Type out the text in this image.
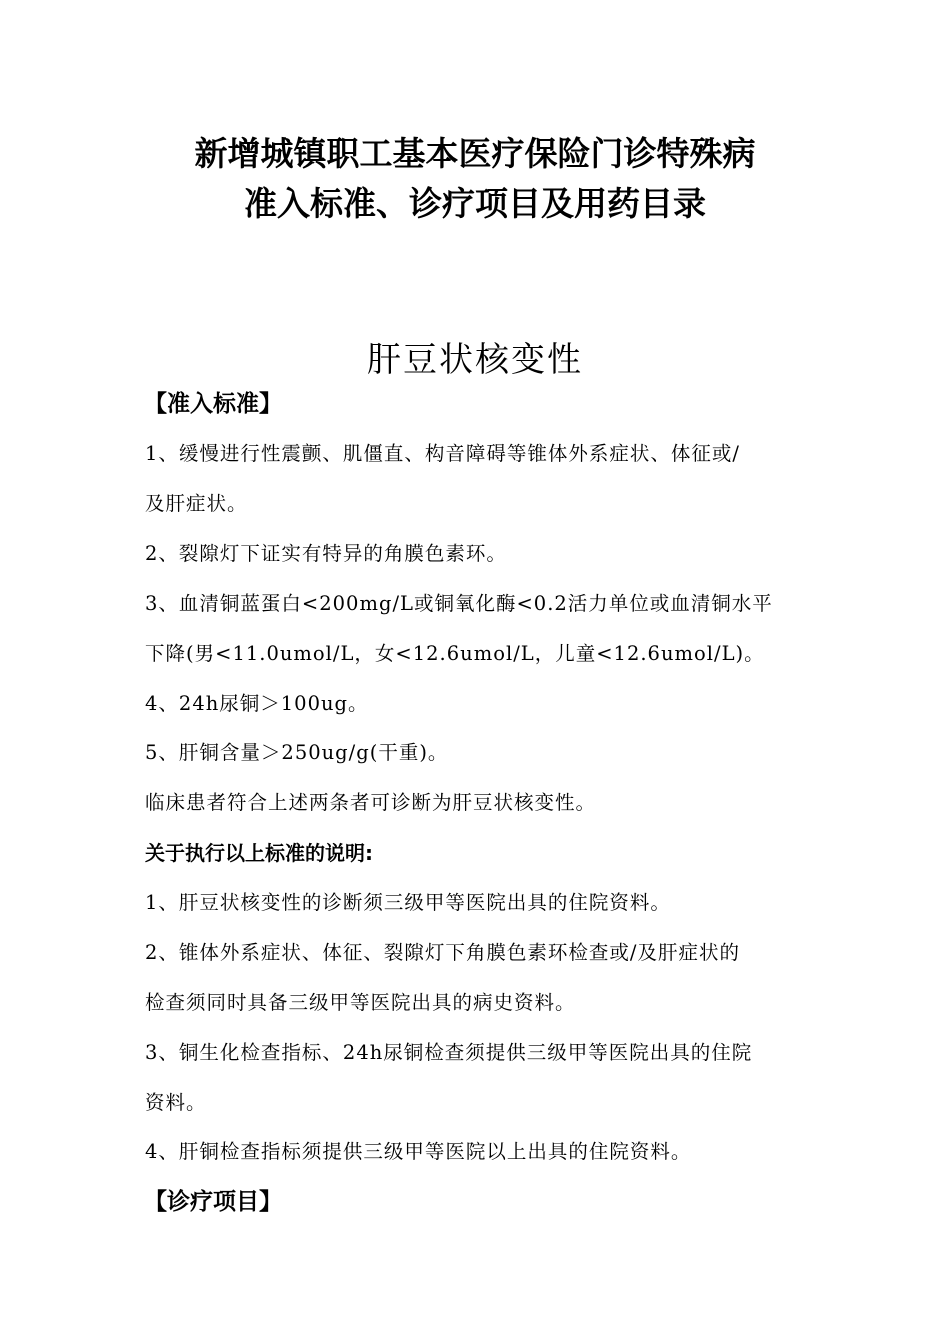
新增城镇职工基本医疗保险门诊特殊病
准入标准、诊疗项目及用药目录
肝豆状核变性
【准入标准】

1、缓慢进行性震颤、肌僵直、构音障碍等锥体外系症状、体征或/

及肝症状。

2、裂隙灯下证实有特异的角膜色素环。

3、血清铜蓝蛋白<200mg/L或铜氧化酶<0.2活力单位或血清铜水平

下降(男<11.0umol/L，女<12.6umol/L，儿童<12.6umol/L)。

4、24h尿铜＞100ug。

5、肝铜含量＞250ug/g(干重)。

临床患者符合上述两条者可诊断为肝豆状核变性。

关于执行以上标准的说明:

1、肝豆状核变性的诊断须三级甲等医院出具的住院资料。

2、锥体外系症状、体征、裂隙灯下角膜色素环检查或/及肝症状的

检查须同时具备三级甲等医院出具的病史资料。

3、铜生化检查指标、24h尿铜检查须提供三级甲等医院出具的住院

资料。

4、肝铜检查指标须提供三级甲等医院以上出具的住院资料。

【诊疗项目】
